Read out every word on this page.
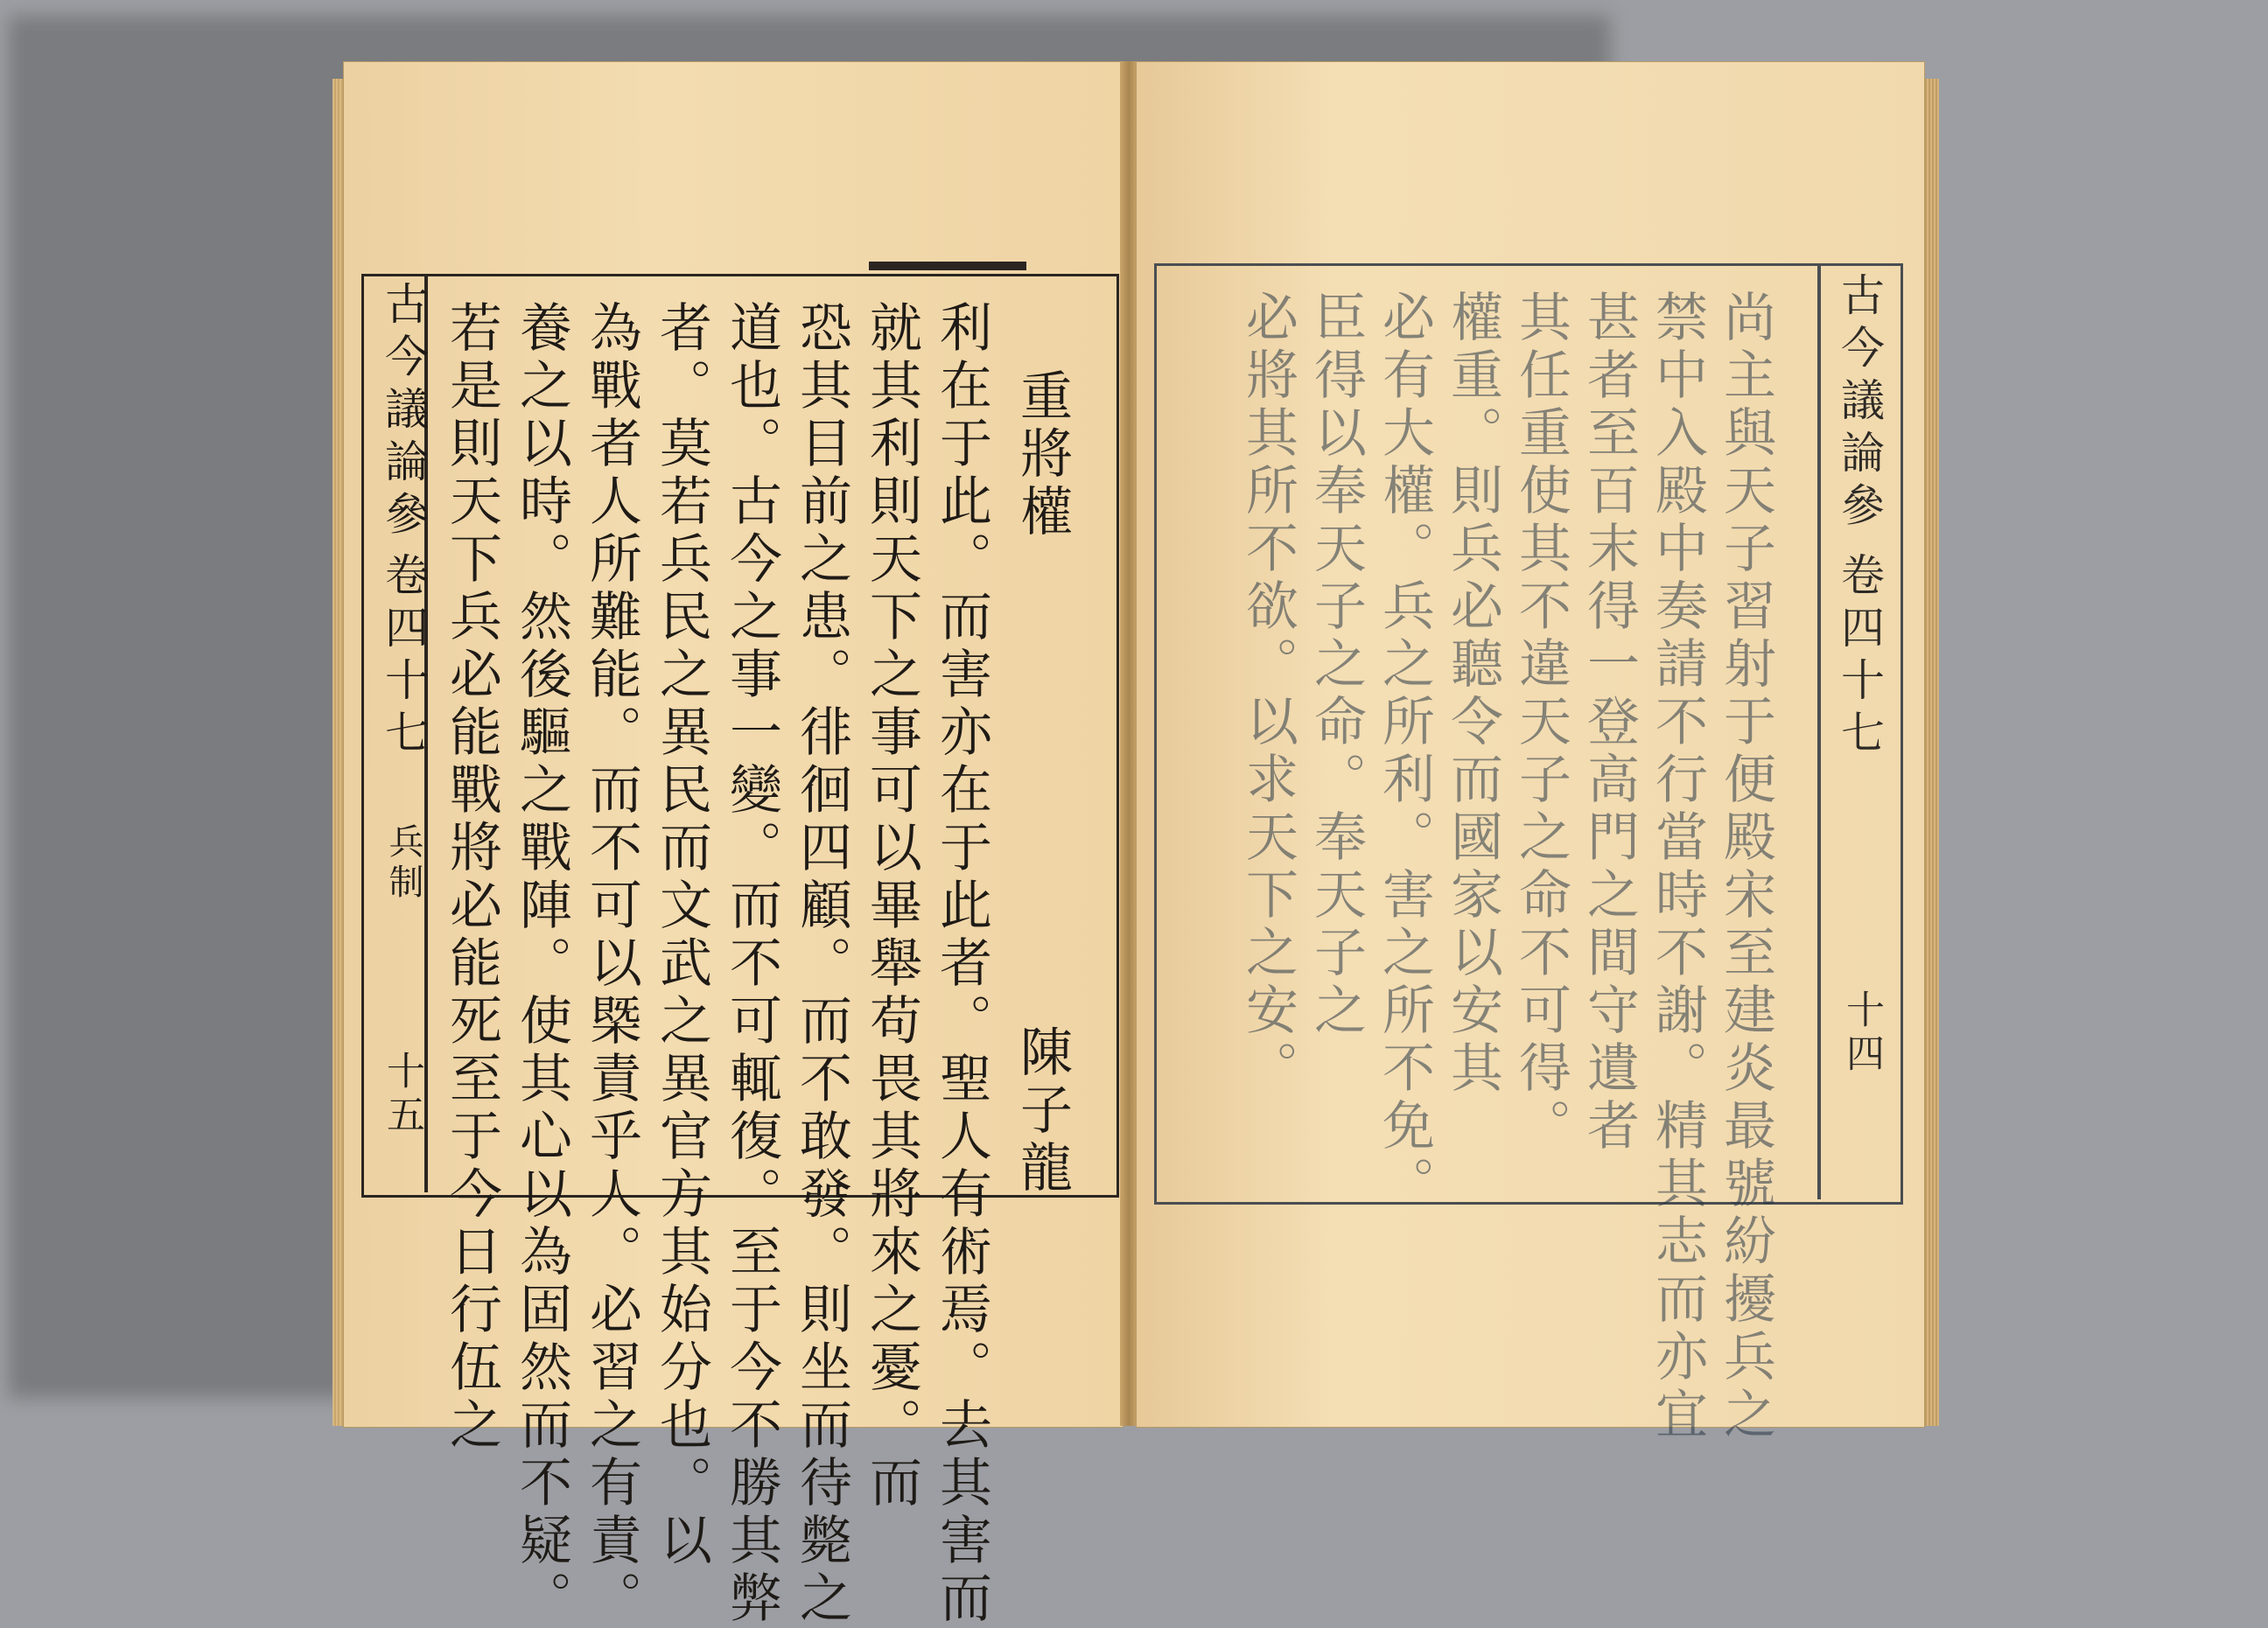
古今議論參
卷四十七
兵制
十五 若是則天下兵必能戰將必能死至于今日行伍之 養之以時。然後驅之戰陣。使其心以為固然而不疑。 為戰者人所難能。而不可以槩責乎人。必習之有責。 者。莫若兵民之異民而文武之異官方其始分也。以 道也。古今之事一變。而不可輒復。至于今不勝其弊 恐其目前之患。徘徊四顧。而不敢發。則坐而待斃之 就其利則天下之事可以畢舉苟畏其將來之憂。而 利在于此。而害亦在于此者。聖人有術焉。去其害而 重將權
陳子龍
古今議論參
卷四十七
十四
尚主與天子習射于便殿宋至建炎最號紛擾兵之
禁中入殿中奏請不行當時不謝。精其志而亦宜
甚者至百末得一登高門之間守遺者
其任重使其不違天子之命不可得。
權重。則兵必聽令而國家以安其
必有大權。兵之所利。害之所不免。
臣得以奉天子之命。奉天子之
必將其所不欲。以求天下之安。
